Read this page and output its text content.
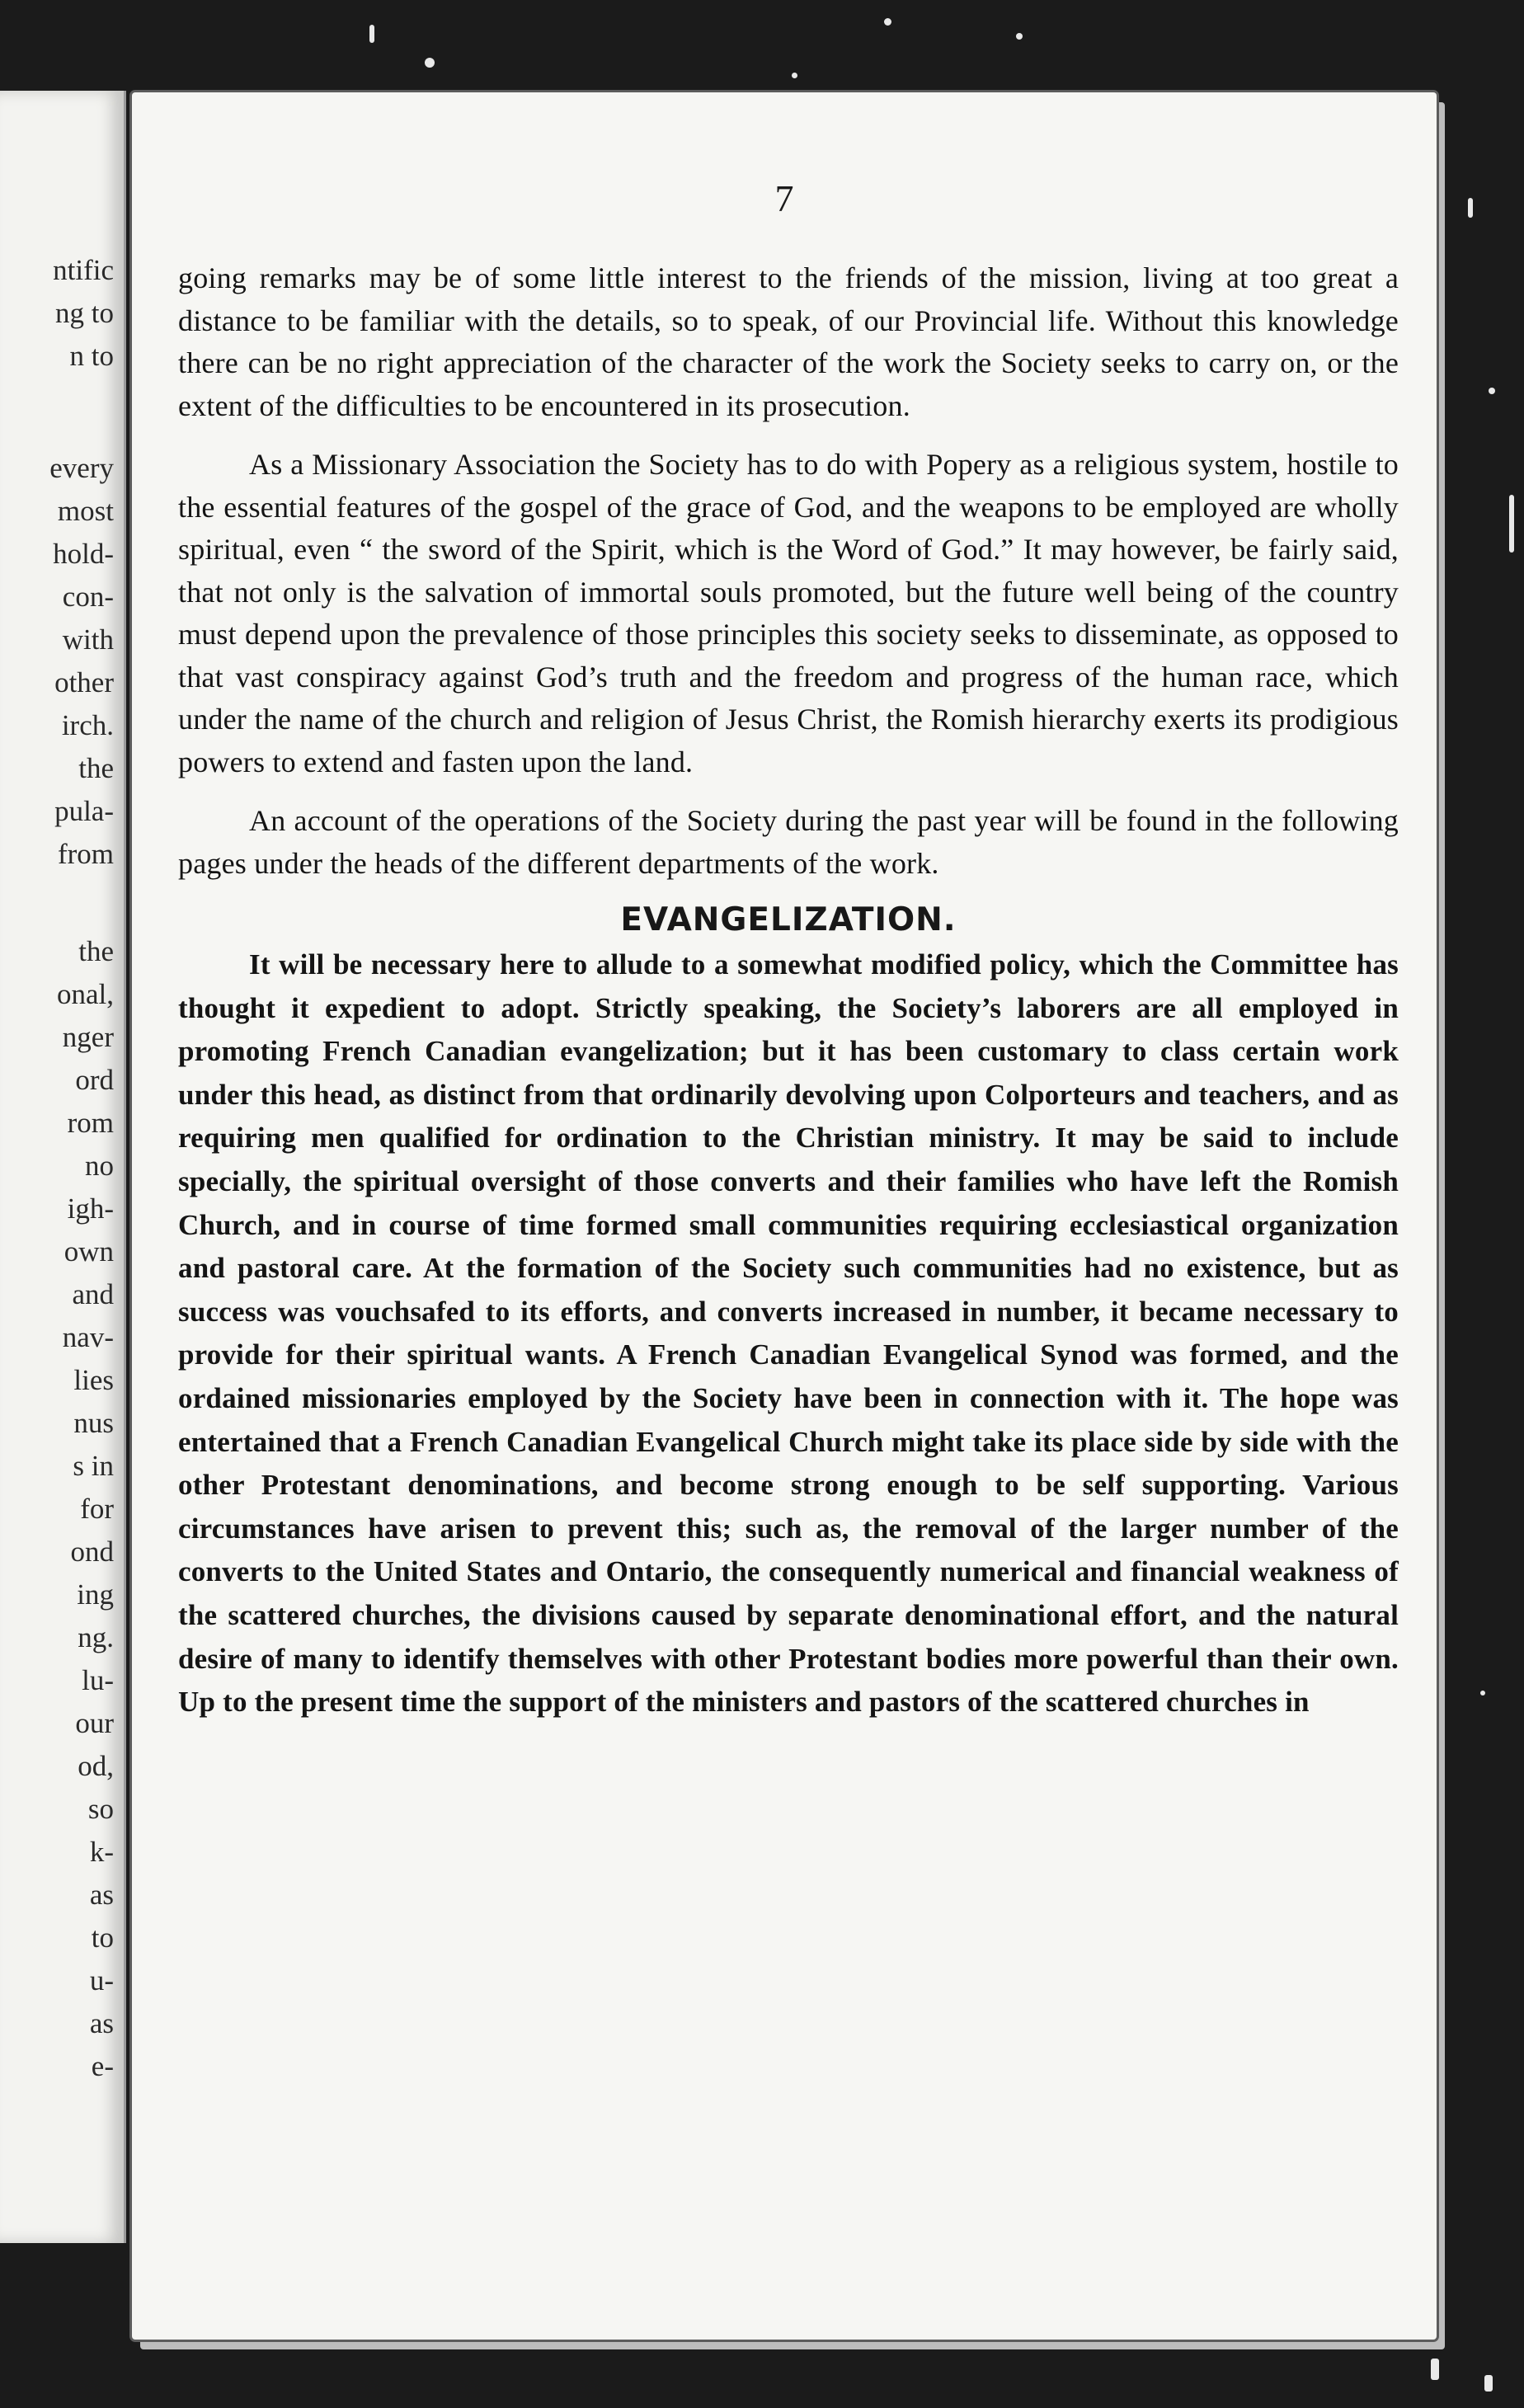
ntific
ng to
n to
every
most
hold-
con-
with
other
irch.
the
pula-
from
the
onal,
nger
ord
rom
no
igh-
own
and
nav-
lies
nus
s in
for
ond
ing
ng.
lu-
our
od,
so
k-
as
to
u-
as
e-
7

going remarks may be of some little interest to the friends of the mission, living at too great a distance to be familiar with the details, so to speak, of our Provincial life. Without this knowledge there can be no right appreciation of the character of the work the Society seeks to carry on, or the extent of the difficulties to be encountered in its prosecution.

As a Missionary Association the Society has to do with Popery as a religious system, hostile to the essential features of the gospel of the grace of God, and the weapons to be employed are wholly spiritual, even “ the sword of the Spirit, which is the Word of God.” It may however, be fairly said, that not only is the salvation of immortal souls promoted, but the future well being of the country must depend upon the prevalence of those principles this society seeks to disseminate, as opposed to that vast conspiracy against God’s truth and the freedom and progress of the human race, which under the name of the church and religion of Jesus Christ, the Romish hierarchy exerts its prodigious powers to extend and fasten upon the land.

An account of the operations of the Society during the past year will be found in the following pages under the heads of the different departments of the work.

EVANGELIZATION.

It will be necessary here to allude to a somewhat modified policy, which the Committee has thought it expedient to adopt. Strictly speaking, the Society’s laborers are all employed in promoting French Canadian evangelization; but it has been customary to class certain work under this head, as distinct from that ordinarily devolving upon Colporteurs and teachers, and as requiring men qualified for ordination to the Christian ministry. It may be said to include specially, the spiritual oversight of those converts and their families who have left the Romish Church, and in course of time formed small communities requiring ecclesiastical organization and pastoral care. At the formation of the Society such communities had no existence, but as success was vouchsafed to its efforts, and converts increased in number, it became necessary to provide for their spiritual wants. A French Canadian Evangelical Synod was formed, and the ordained missionaries employed by the Society have been in connection with it. The hope was entertained that a French Canadian Evangelical Church might take its place side by side with the other Protestant denominations, and become strong enough to be self supporting. Various circumstances have arisen to prevent this; such as, the removal of the larger number of the converts to the United States and Ontario, the consequently numerical and financial weakness of the scattered churches, the divisions caused by separate denominational effort, and the natural desire of many to identify themselves with other Protestant bodies more powerful than their own. Up to the present time the support of the ministers and pastors of the scattered churches in
